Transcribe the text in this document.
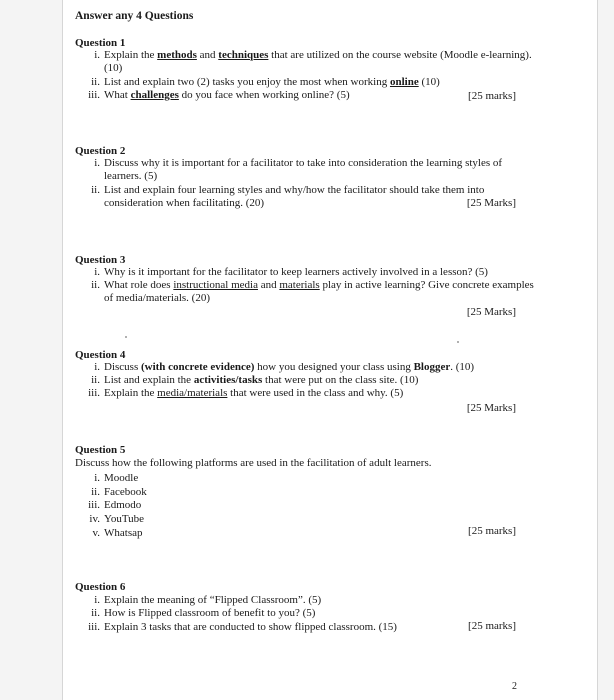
Answer any 4 Questions
Question 1
i. Explain the methods and techniques that are utilized on the course website (Moodle e-learning). (10)
ii. List and explain two (2) tasks you enjoy the most when working online (10)
iii. What challenges do you face when working online? (5)	[25 marks]
Question 2
i. Discuss why it is important for a facilitator to take into consideration the learning styles of learners. (5)
ii. List and explain four learning styles and why/how the facilitator should take them into consideration when facilitating. (20)	[25 Marks]
Question 3
i. Why is it important for the facilitator to keep learners actively involved in a lesson? (5)
ii. What role does instructional media and materials play in active learning? Give concrete examples of media/materials. (20)
[25 Marks]
Question 4
i. Discuss (with concrete evidence) how you designed your class using Blogger. (10)
ii. List and explain the activities/tasks that were put on the class site. (10)
iii. Explain the media/materials that were used in the class and why. (5)
[25 Marks]
Question 5
Discuss how the following platforms are used in the facilitation of adult learners.
i. Moodle
ii. Facebook
iii. Edmodo
iv. YouTube
v. Whatsap	[25 marks]
Question 6
i. Explain the meaning of “Flipped Classroom”. (5)
ii. How is Flipped classroom of benefit to you? (5)
iii. Explain 3 tasks that are conducted to show flipped classroom. (15)	[25 marks]
2
